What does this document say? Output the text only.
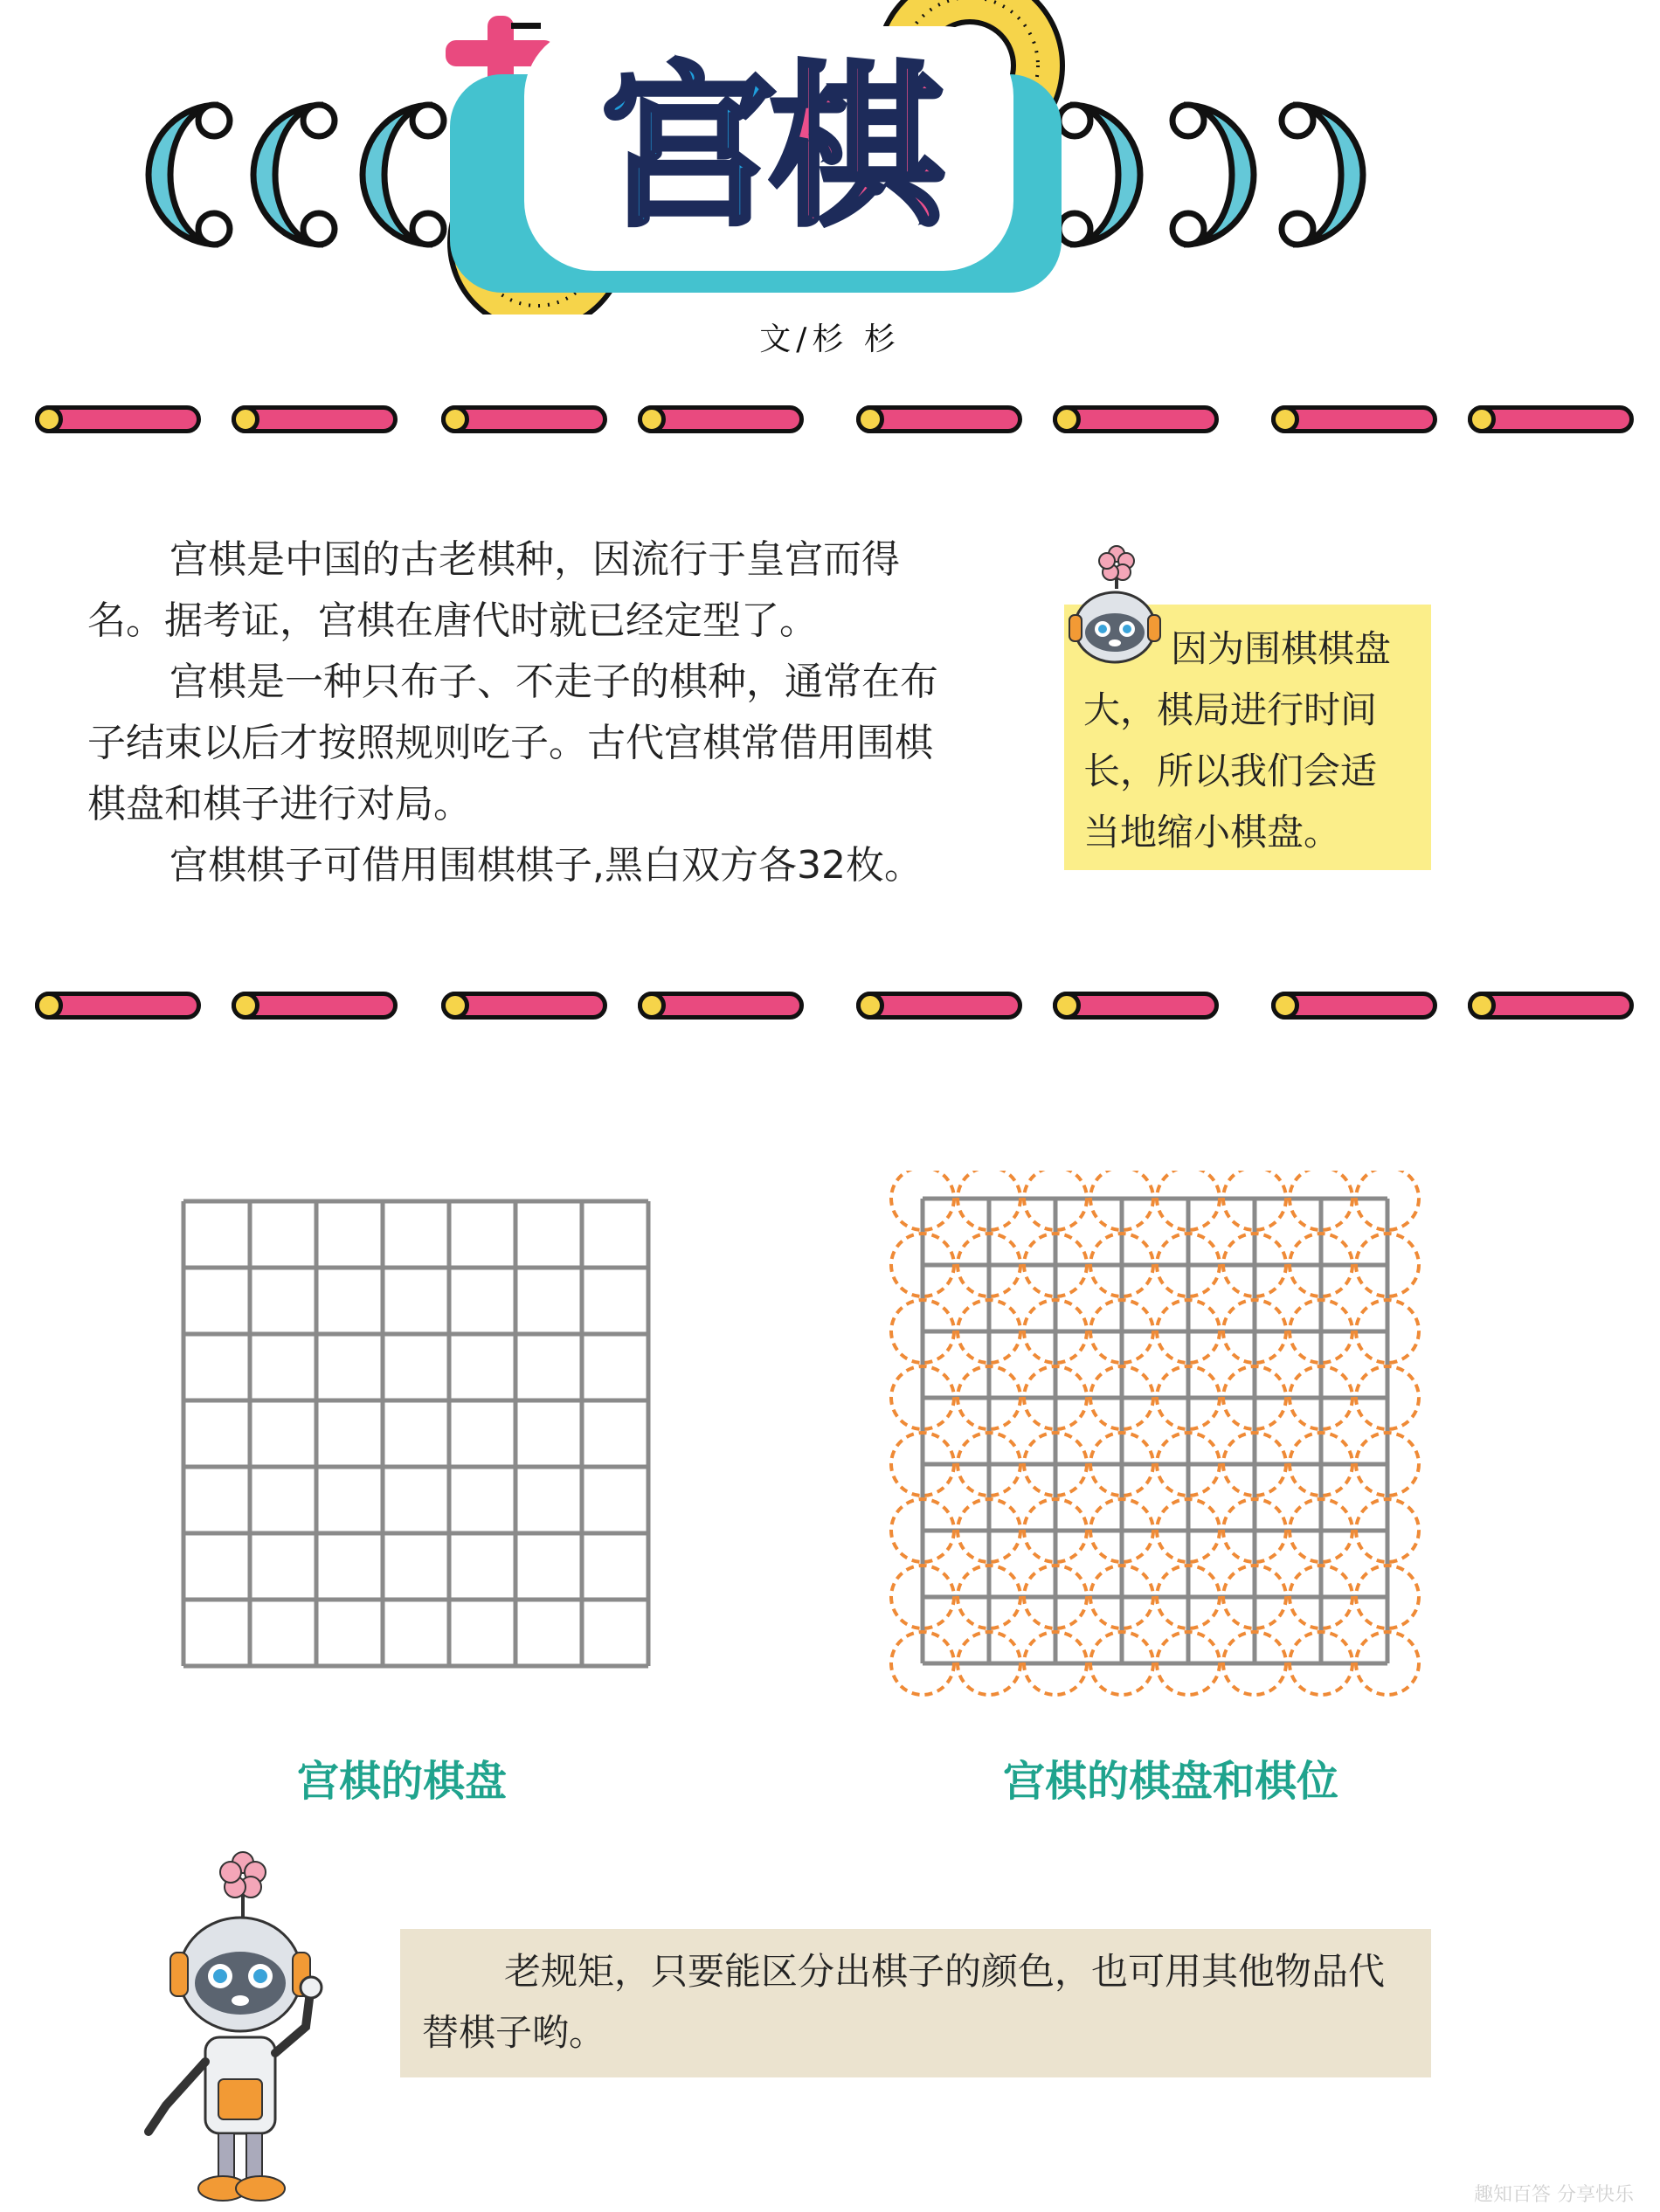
宫棋
文/杉 杉

宫棋是中国的古老棋种，因流行于皇宫而得名。据考证，宫棋在唐代时就已经定型了。

宫棋是一种只布子、不走子的棋种，通常在布子结束以后才按照规则吃子。古代宫棋常借用围棋棋盘和棋子进行对局。

宫棋棋子可借用围棋棋子,黑白双方各32枚。

因为围棋棋盘
大，棋局进行时间
长，所以我们会适
当地缩小棋盘。
宫棋的棋盘	宫棋的棋盘和棋位
老规矩，只要能区分出棋子的颜色，也可用其他物品代替棋子哟。
趣知百答 分享快乐
